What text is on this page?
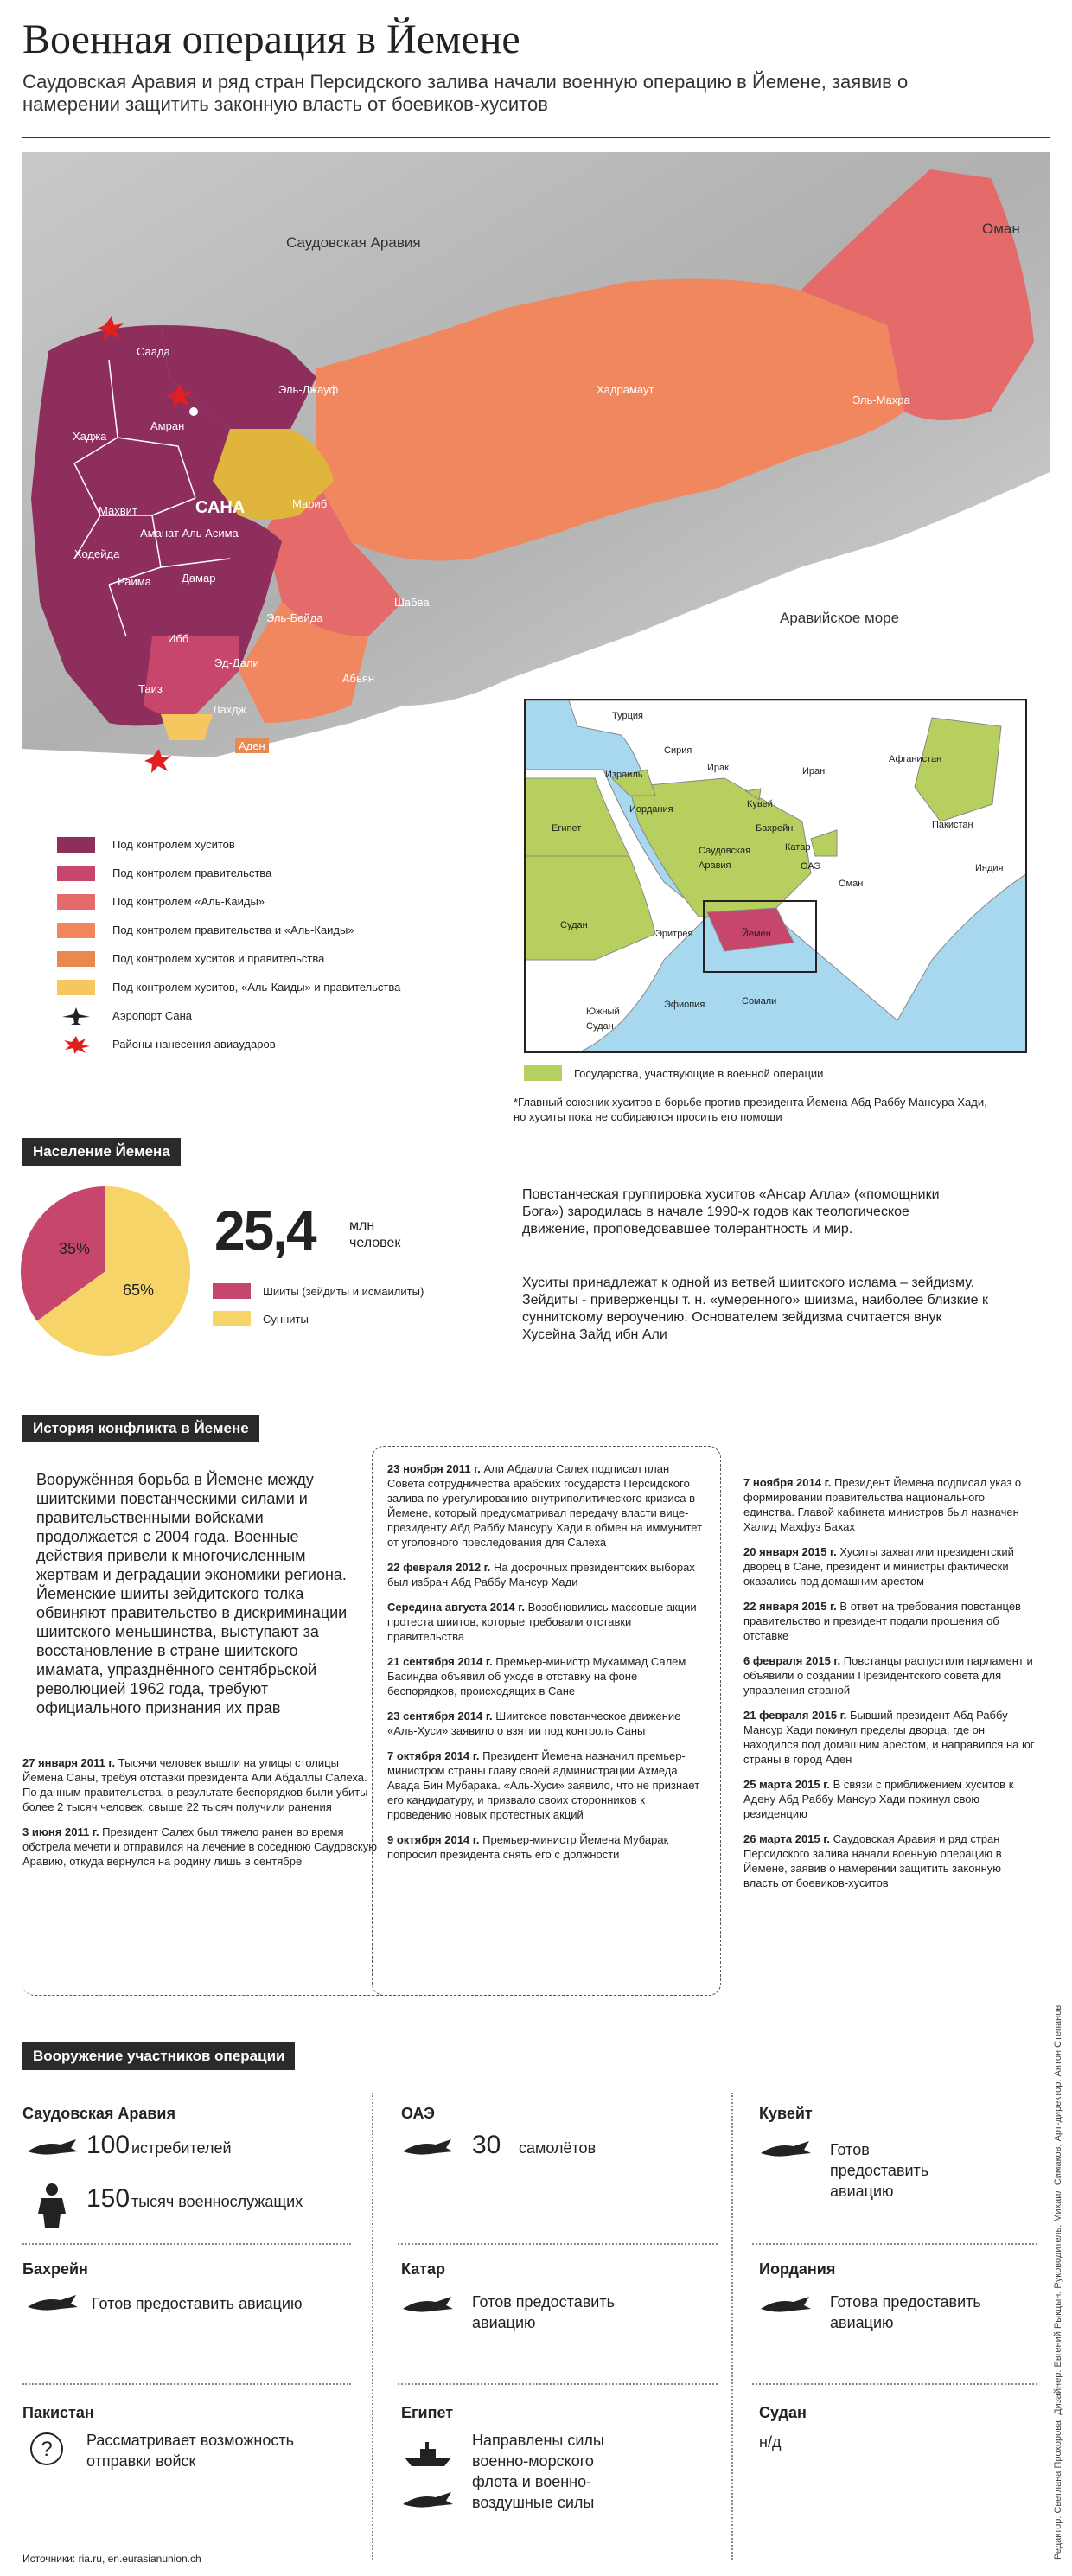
Военная операция в Йемене
Саудовская Аравия и ряд стран Персидского залива начали военную операцию в Йемене, заявив о намерении защитить законную власть от боевиков-хуситов
Саудовская Аравия
Оман
Аравийское море
Саада
Эль-Джауф
Амран
Хаджа
Хадрамаут
Эль-Махра
Мариб
Махвит	САНА
Аманат Аль Асима
Ходейда
Раима	Дамар
Эль-Бейда
Шабва
Ибб
Эд-Дали
Абьян
Таиз
Лахдж
Аден
Под контролем хуситов
Под контролем правительства
Под контролем «Аль-Каиды»
Под контролем правительства и «Аль-Каиды»
Под контролем хуситов и правительства
Под контролем хуситов, «Аль-Каиды» и правительства
Аэропорт Сана
Районы нанесения авиaударов
Турция
Сирия
Израиль
Иордания
Ирак	Иран
Кувейт
Бахрейн
Катар
ОАЭ
Оман
Саудовская Аравия
Египет
Судан
Эритрея	Йемен
Эфиопия	Сомали
Южный Судан
Афганистан
Пакистан
Индия
Государства, участвующие в военной операции
*Главный союзник хуситов в борьбе против президента Йемена Абд Раббу Мансура Хади, но хуситы пока не собираются просить его помощи
Население Йемена
35%
65%
25,4 млн
человек
Шииты (зейдиты и исмаилиты)
Сунниты
Повстанческая группировка хуситов «Ансар Алла» («помощники Бога») зародилась в начале 1990-х годов как теологическое движение, проповедовавшее толерантность и мир.
Хуситы принадлежат к одной из ветвей шиитского ислама – зейдизму. Зейдиты - приверженцы т. н. «умеренного» шиизма, наиболее близкие к суннитскому вероучению. Основателем зейдизма считается внук Хусейна Зайд ибн Али
История конфликта в Йемене
Вооружённая борьба в Йемене между шиитскими повстанческими силами и правительственными войсками продолжается с 2004 года. Военные действия привели к многочисленным жертвам и деградации экономики региона. Йеменские шииты зейдитского толка обвиняют правительство в дискриминации шиитского меньшинства, выступают за восстановление в стране шиитского имамата, упразднённого сентябрьской революцией 1962 года, требуют официального признания их прав
27 января 2011 г. Тысячи человек вышли на улицы столицы Йемена Саны, требуя отставки президента Али Абдаллы Салеха. По данным правительства, в результате беспорядков были убиты более 2 тысяч человек, свыше 22 тысяч получили ранения
3 июня 2011 г. Президент Салех был тяжело ранен во время обстрела мечети и отправился на лечение в соседнюю Саудовскую Аравию, откуда вернулся на родину лишь в сентябре
23 ноября 2011 г. Али Абдалла Салех подписал план Совета сотрудничества арабских государств Персидского залива по урегулированию внутриполитического кризиса в Йемене, который предусматривал передачу власти вице-президенту Абд Раббу Мансуру Хади в обмен на иммунитет от уголовного преследования для Салеха
22 февраля 2012 г. На досрочных президентских выборах был избран Абд Раббу Мансур Хади
Середина августа 2014 г. Возобновились массовые акции протеста шиитов, которые требовали отставки правительства
21 сентября 2014 г. Премьер-министр Мухаммад Салем Басиндва объявил об уходе в отставку на фоне беспорядков, происходящих в Сане
23 сентября 2014 г. Шиитское повстанческое движение «Аль-Хуси» заявило о взятии под контроль Саны
7 октября 2014 г. Президент Йемена назначил премьер-министром страны главу своей администрации Ахмеда Авада Бин Мубарака. «Аль-Хуси» заявило, что не признает его кандидатуру, и призвало своих сторонников к проведению новых протестных акций
9 октября 2014 г. Премьер-министр Йемена Мубарак попросил президента снять его с должности
7 ноября 2014 г. Президент Йемена подписал указ о формировании правительства национального единства. Главой кабинета министров был назначен Халид Махфуз Бахах
20 января 2015 г. Хуситы захватили президентский дворец в Сане, президент и министры фактически оказались под домашним арестом
22 января 2015 г. В ответ на требования повстанцев правительство и президент подали прошения об отставке
6 февраля 2015 г. Повстанцы распустили парламент и объявили о создании Президентского совета для управления страной
21 февраля 2015 г. Бывший президент Абд Раббу Мансур Хади покинул пределы дворца, где он находился под домашним арестом, и направился на юг страны в город Аден
25 марта 2015 г. В связи с приближением хуситов к Адену Абд Раббу Мансур Хади покинул свою резиденцию
26 марта 2015 г. Саудовская Аравия и ряд стран Персидского залива начали военную операцию в Йемене, заявив о намерении защитить законную власть от боевиков-хуситов
Вооружение участников операции
Саудовская Аравия
100 истребителей
150 тысяч военнослужащих
ОАЭ
30 самолётов
Кувейт
Готов предоставить авиацию
Бахрейн
Готов предоставить авиацию
Катар
Готов предоставить авиацию
Иордания
Готова предоставить авиацию
Пакистан
? Рассматривает возможность отправки войск
Египет
Направлены силы военно-морского флота и военно-воздушные силы
Судан
н/д
Источники: ria.ru, en.eurasianunion.ch	Редактор: Светлана Прохорова. Дизайнер: Евгений Рыкцын. Руководитель: Михаил Симаков. Арт-директор: Антон Степанов
